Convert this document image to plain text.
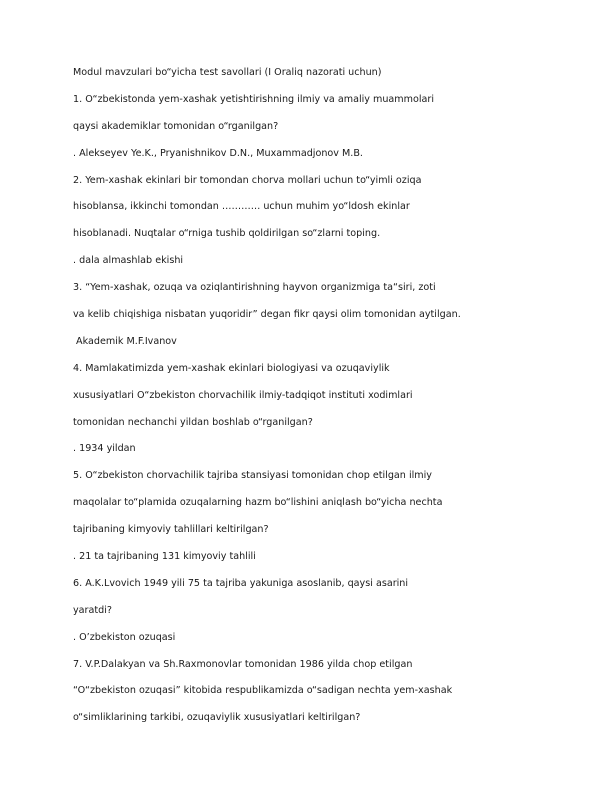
Modul mavzulari bo“yicha test savollari (I Oraliq nazorati uchun)
1. O“zbekistonda yem-xashak yetishtirishning ilmiy va amaliy muammolari
qaysi akademiklar tomonidan o“rganilgan?
. Alekseyev Ye.K., Pryanishnikov D.N., Muxammadjonov M.B.
2. Yem-xashak ekinlari bir tomondan chorva mollari uchun to“yimli oziqa
hisoblansa, ikkinchi tomondan ………… uchun muhim yo“ldosh ekinlar
hisoblanadi. Nuqtalar o“rniga tushib qoldirilgan so“zlarni toping.
. dala almashlab ekishi
3. “Yem-xashak, ozuqa va oziqlantirishning hayvon organizmiga ta“siri, zoti
va kelib chiqishiga nisbatan yuqoridir” degan fikr qaysi olim tomonidan aytilgan.
Akademik M.F.Ivanov
4. Mamlakatimizda yem-xashak ekinlari biologiyasi va ozuqaviylik
xususiyatlari O“zbekiston chorvachilik ilmiy-tadqiqot instituti xodimlari
tomonidan nechanchi yildan boshlab o“rganilgan?
. 1934 yildan
5. O“zbekiston chorvachilik tajriba stansiyasi tomonidan chop etilgan ilmiy
maqolalar to“plamida ozuqalarning hazm bo“lishini aniqlash bo“yicha nechta
tajribaning kimyoviy tahlillari keltirilgan?
. 21 ta tajribaning 131 kimyoviy tahlili
6. A.K.Lvovich 1949 yili 75 ta tajriba yakuniga asoslanib, qaysi asarini
yaratdi?
. O’zbekiston ozuqasi
7. V.P.Dalakyan va Sh.Raxmonovlar tomonidan 1986 yilda chop etilgan
“O“zbekiston ozuqasi” kitobida respublikamizda o“sadigan nechta yem-xashak
o“simliklarining tarkibi, ozuqaviylik xususiyatlari keltirilgan?
